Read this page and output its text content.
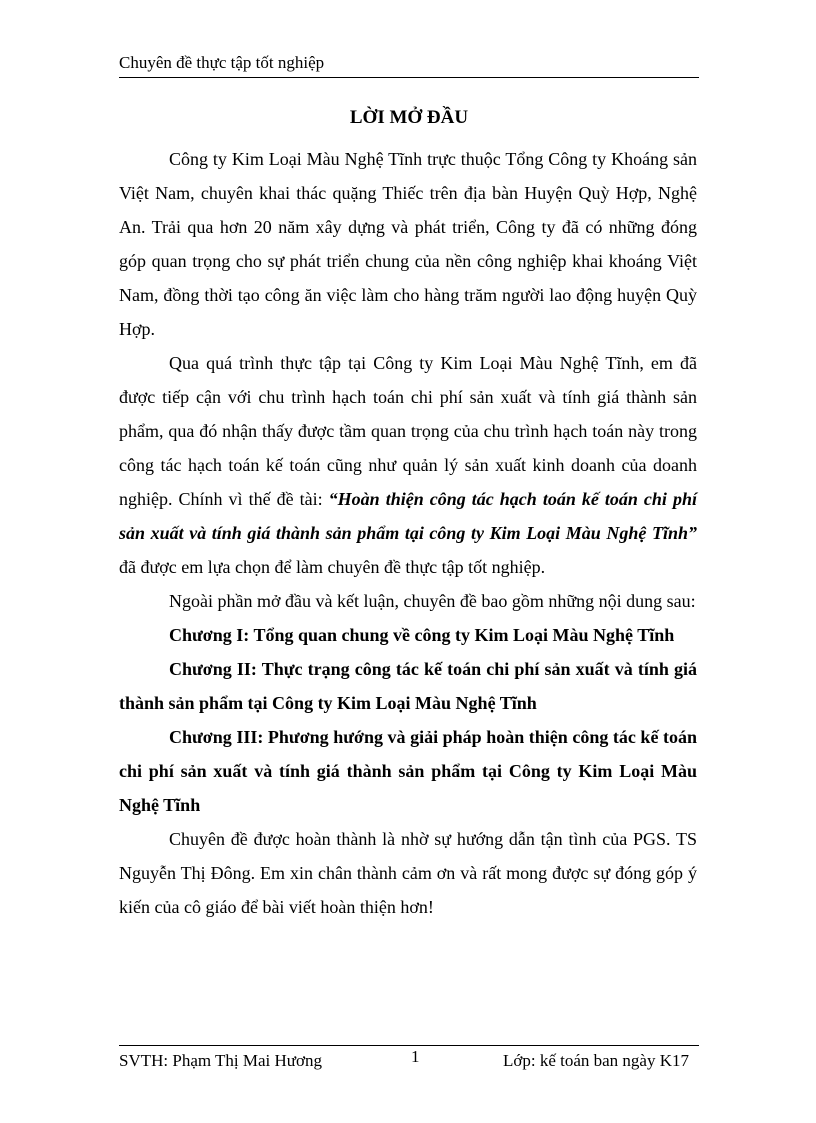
Chuyên đề thực tập tốt nghiệp
LỜI MỞ ĐẦU

Công ty Kim Loại Màu Nghệ Tĩnh trực thuộc Tổng Công ty Khoáng sản Việt Nam, chuyên khai thác quặng Thiếc trên địa bàn Huyện Quỳ Hợp, Nghệ An. Trải qua hơn 20 năm xây dựng và phát triển, Công ty đã có những đóng góp quan trọng cho sự phát triển chung của nền công nghiệp khai khoáng Việt Nam, đồng thời tạo công ăn việc làm cho hàng trăm người lao động huyện Quỳ Hợp.

Qua quá trình thực tập tại Công ty Kim Loại Màu Nghệ Tĩnh, em đã được tiếp cận với chu trình hạch toán chi phí sản xuất và tính giá thành sản phẩm, qua đó nhận thấy được tầm quan trọng của chu trình hạch toán này trong công tác hạch toán kế toán cũng như quản lý sản xuất kinh doanh của doanh nghiệp. Chính vì thế đề tài: “Hoàn thiện công tác hạch toán kế toán chi phí sản xuất và tính giá thành sản phẩm tại công ty Kim Loại Màu Nghệ Tĩnh” đã được em lựa chọn để làm chuyên đề thực tập tốt nghiệp.

Ngoài phần mở đầu và kết luận, chuyên đề bao gồm những nội dung sau:

Chương I: Tổng quan chung về công ty Kim Loại Màu Nghệ Tĩnh

Chương II: Thực trạng công tác kế toán chi phí sản xuất và tính giá thành sản phẩm tại Công ty Kim Loại Màu Nghệ Tĩnh

Chương III: Phương hướng và giải pháp hoàn thiện công tác kế toán chi phí sản xuất và tính giá thành sản phẩm tại Công ty Kim Loại Màu Nghệ Tĩnh

Chuyên đề được hoàn thành là nhờ sự hướng dẫn tận tình của PGS. TS Nguyễn Thị Đông. Em xin chân thành cảm ơn và rất mong được sự đóng góp ý kiến của cô giáo để bài viết hoàn thiện hơn!

SVTH: Phạm Thị Mai Hương	1	Lớp: kế toán ban ngày K17
